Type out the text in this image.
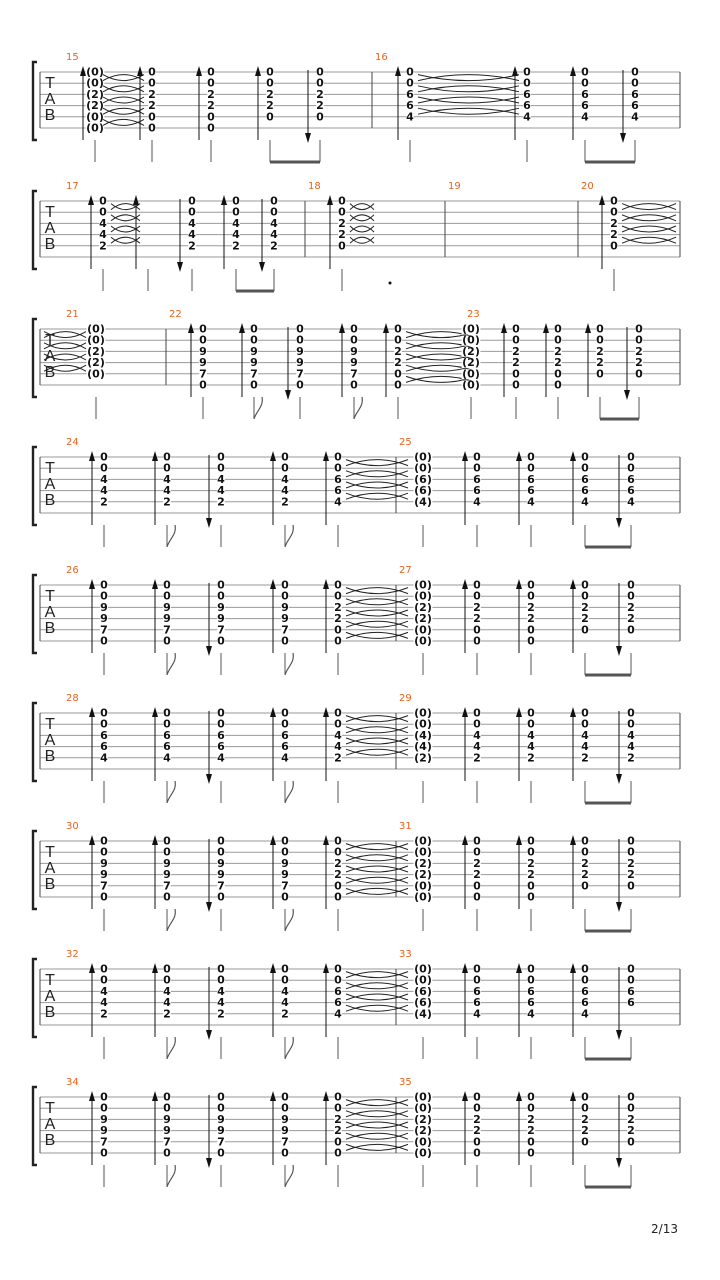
T
A
B
15
(0)
(0)
(2)
(2)
(0)
(0)
0
0
2
2
0
0
0
0
2
2
0
0
0
0
2
2
0
0
0
2
2
0
16
0
0
6
6
4
0
0
6
6
4
0
0
6
6
4
0
0
6
6
4
T
A
B
17
0
0
4
4
2
0
0
4
4
2
0
0
4
4
2
0
0
4
4
2
18
0
0
2
2
0
19	20
0
0
2
2
0
T
A
B
21
(0)
(0)
(2)
(2)
(0)
22
0
0
9
9
7
0
0
0
9
9
7
0
0
0
9
9
7
0
0
0
9
9
7
0
0
0
2
2
0
0
23
(0)
(0)
(2)
(2)
(0)
(0)
0
0
2
2
0
0
0
0
2
2
0
0
0
0
2
2
0
0
0
2
2
0
T
A
B
24
0
0
4
4
2
0
0
4
4
2
0
0
4
4
2
0
0
4
4
2
0
0
6
6
4
25
(0)
(0)
(6)
(6)
(4)
0
0
6
6
4
0
0
6
6
4
0
0
6
6
4
0
0
6
6
4
T
A
B
26
0
0
9
9
7
0
0
0
9
9
7
0
0
0
9
9
7
0
0
0
9
9
7
0
0
0
2
2
0
0
27
(0)
(0)
(2)
(2)
(0)
(0)
0
0
2
2
0
0
0
0
2
2
0
0
0
0
2
2
0
0
0
2
2
0
T
A
B
28
0
0
6
6
4
0
0
6
6
4
0
0
6
6
4
0
0
6
6
4
0
0
4
4
2
29
(0)
(0)
(4)
(4)
(2)
0
0
4
4
2
0
0
4
4
2
0
0
4
4
2
0
0
4
4
2
T
A
B
30
0
0
9
9
7
0
0
0
9
9
7
0
0
0
9
9
7
0
0
0
9
9
7
0
0
0
2
2
0
0
31
(0)
(0)
(2)
(2)
(0)
(0)
0
0
2
2
0
0
0
0
2
2
0
0
0
0
2
2
0
0
0
2
2
0
T
A
B
32
0
0
4
4
2
0
0
4
4
2
0
0
4
4
2
0
0
4
4
2
0
0
6
6
4
33
(0)
(0)
(6)
(6)
(4)
0
0
6
6
4
0
0
6
6
4
0
0
6
6
4
0
0
6
6
T
A
B
34
0
0
9
9
7
0
0
0
9
9
7
0
0
0
9
9
7
0
0
0
9
9
7
0
0
0
2
2
0
0
35
(0)
(0)
(2)
(2)
(0)
(0)
0
0
2
2
0
0
0
0
2
2
0
0
0
0
2
2
0
0
0
2
2
0
2/13
